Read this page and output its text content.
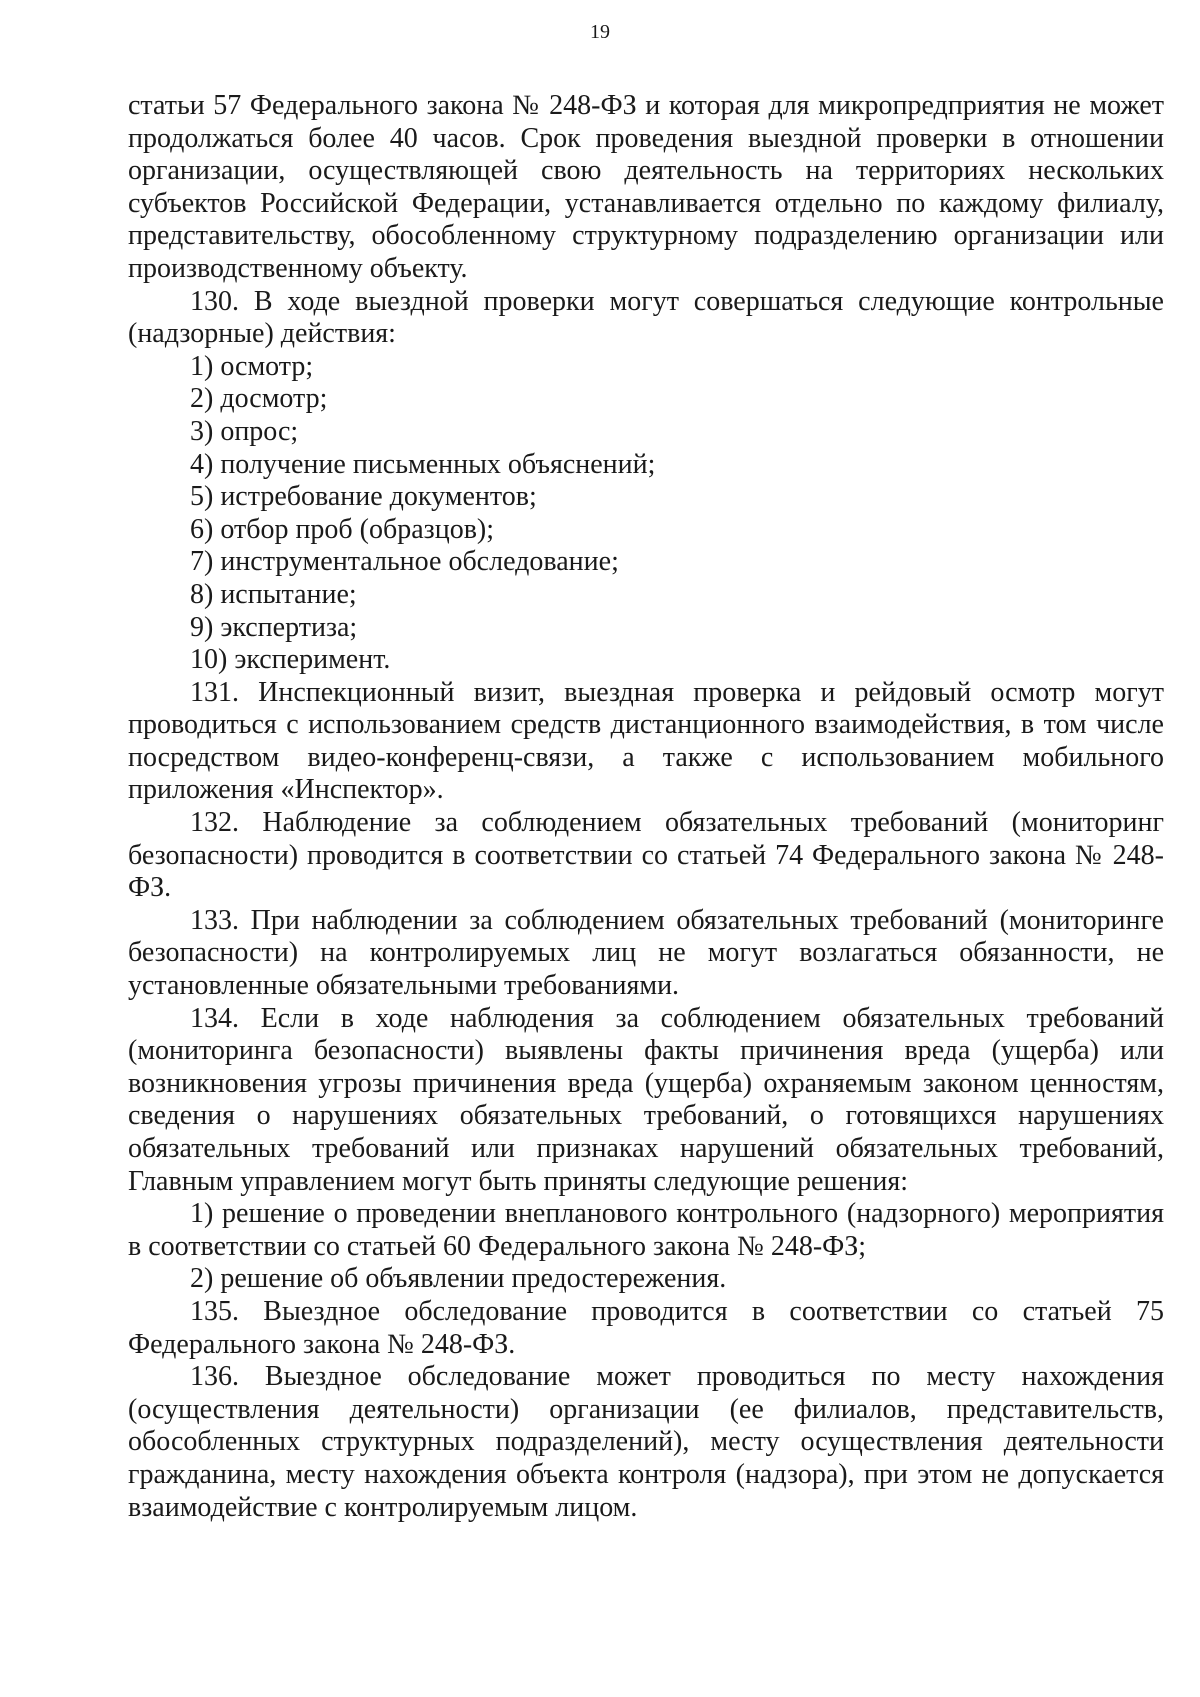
19

статьи 57 Федерального закона № 248-ФЗ и которая для микропредприятия не может продолжаться более 40 часов. Срок проведения выездной проверки в отношении организации, осуществляющей свою деятельность на территориях нескольких субъектов Российской Федерации, устанавливается отдельно по каждому филиалу, представительству, обособленному структурному подразделению организации или производственному объекту.

130. В ходе выездной проверки могут совершаться следующие контрольные (надзорные) действия:

1) осмотр;

2) досмотр;

3) опрос;

4) получение письменных объяснений;

5) истребование документов;

6) отбор проб (образцов);

7) инструментальное обследование;

8) испытание;

9) экспертиза;

10) эксперимент.

131. Инспекционный визит, выездная проверка и рейдовый осмотр могут проводиться с использованием средств дистанционного взаимодействия, в том числе посредством видео-конференц-связи, а также с использованием мобильного приложения «Инспектор».

132. Наблюдение за соблюдением обязательных требований (мониторинг безопасности) проводится в соответствии со статьей 74 Федерального закона № 248-ФЗ.

133. При наблюдении за соблюдением обязательных требований (мониторинге безопасности) на контролируемых лиц не могут возлагаться обязанности, не установленные обязательными требованиями.

134. Если в ходе наблюдения за соблюдением обязательных требований (мониторинга безопасности) выявлены факты причинения вреда (ущерба) или возникновения угрозы причинения вреда (ущерба) охраняемым законом ценностям, сведения о нарушениях обязательных требований, о готовящихся нарушениях обязательных требований или признаках нарушений обязательных требований, Главным управлением могут быть приняты следующие решения:

1) решение о проведении внепланового контрольного (надзорного) мероприятия в соответствии со статьей 60 Федерального закона № 248-ФЗ;

2) решение об объявлении предостережения.

135. Выездное обследование проводится в соответствии со статьей 75 Федерального закона № 248-ФЗ.

136. Выездное обследование может проводиться по месту нахождения (осуществления деятельности) организации (ее филиалов, представительств, обособленных структурных подразделений), месту осуществления деятельности гражданина, месту нахождения объекта контроля (надзора), при этом не допускается взаимодействие с контролируемым лицом.
